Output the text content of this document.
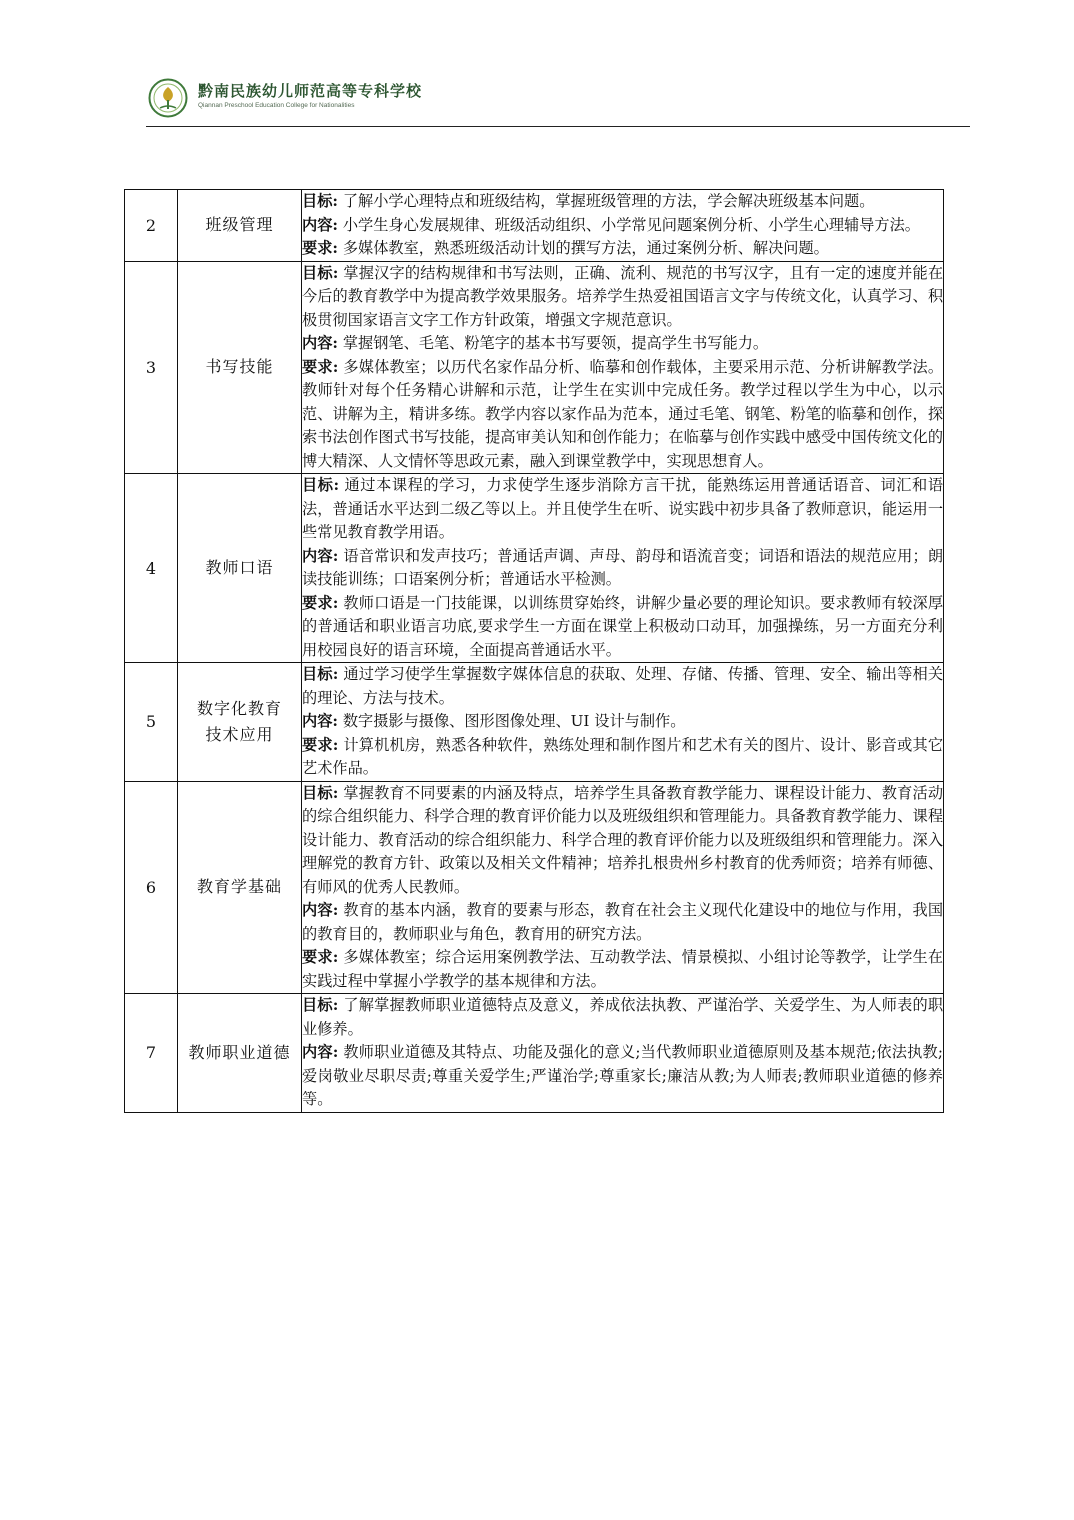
黔南民族幼儿师范高等专科学校
Qiannan Preschool Education College for Nationalities
2	班级管理	目标: 了解小学心理特点和班级结构，掌握班级管理的方法，学会解决班级基本问题。

内容: 小学生身心发展规律、班级活动组织、小学常见问题案例分析、小学生心理辅导方法。

要求: 多媒体教室，熟悉班级活动计划的撰写方法，通过案例分析、解决问题。

3	书写技能	目标: 掌握汉字的结构规律和书写法则，正确、流利、规范的书写汉字，且有一定的速度并能在今后的教育教学中为提高教学效果服务。培养学生热爱祖国语言文字与传统文化，认真学习、积极贯彻国家语言文字工作方针政策，增强文字规范意识。

内容: 掌握钢笔、毛笔、粉笔字的基本书写要领，提高学生书写能力。

要求: 多媒体教室；以历代名家作品分析、临摹和创作载体，主要采用示范、分析讲解教学法。教师针对每个任务精心讲解和示范，让学生在实训中完成任务。教学过程以学生为中心，以示范、讲解为主，精讲多练。教学内容以家作品为范本，通过毛笔、钢笔、粉笔的临摹和创作，探索书法创作图式书写技能，提高审美认知和创作能力；在临摹与创作实践中感受中国传统文化的博大精深、人文情怀等思政元素，融入到课堂教学中，实现思想育人。

4	教师口语	目标: 通过本课程的学习，力求使学生逐步消除方言干扰，能熟练运用普通话语音、词汇和语法，普通话水平达到二级乙等以上。并且使学生在听、说实践中初步具备了教师意识，能运用一些常见教育教学用语。

内容: 语音常识和发声技巧；普通话声调、声母、韵母和语流音变；词语和语法的规范应用；朗读技能训练；口语案例分析；普通话水平检测。

要求: 教师口语是一门技能课，以训练贯穿始终，讲解少量必要的理论知识。要求教师有较深厚的普通话和职业语言功底,要求学生一方面在课堂上积极动口动耳，加强操练，另一方面充分利用校园良好的语言环境，全面提高普通话水平。

5	数字化教育技术应用	目标: 通过学习使学生掌握数字媒体信息的获取、处理、存储、传播、管理、安全、输出等相关的理论、方法与技术。

内容: 数字摄影与摄像、图形图像处理、UI 设计与制作。

要求: 计算机机房，熟悉各种软件，熟练处理和制作图片和艺术有关的图片、设计、影音或其它艺术作品。

6	教育学基础	目标: 掌握教育不同要素的内涵及特点，培养学生具备教育教学能力、课程设计能力、教育活动的综合组织能力、科学合理的教育评价能力以及班级组织和管理能力。具备教育教学能力、课程设计能力、教育活动的综合组织能力、科学合理的教育评价能力以及班级组织和管理能力。深入理解党的教育方针、政策以及相关文件精神；培养扎根贵州乡村教育的优秀师资；培养有师德、有师风的优秀人民教师。

内容: 教育的基本内涵，教育的要素与形态，教育在社会主义现代化建设中的地位与作用，我国的教育目的，教师职业与角色，教育用的研究方法。

要求: 多媒体教室；综合运用案例教学法、互动教学法、情景模拟、小组讨论等教学，让学生在实践过程中掌握小学教学的基本规律和方法。

7	教师职业道德	目标: 了解掌握教师职业道德特点及意义，养成依法执教、严谨治学、关爱学生、为人师表的职业修养。

内容: 教师职业道德及其特点、功能及强化的意义;当代教师职业道德原则及基本规范;依法执教;爱岗敬业尽职尽责;尊重关爱学生;严谨治学;尊重家长;廉洁从教;为人师表;教师职业道德的修养等。
